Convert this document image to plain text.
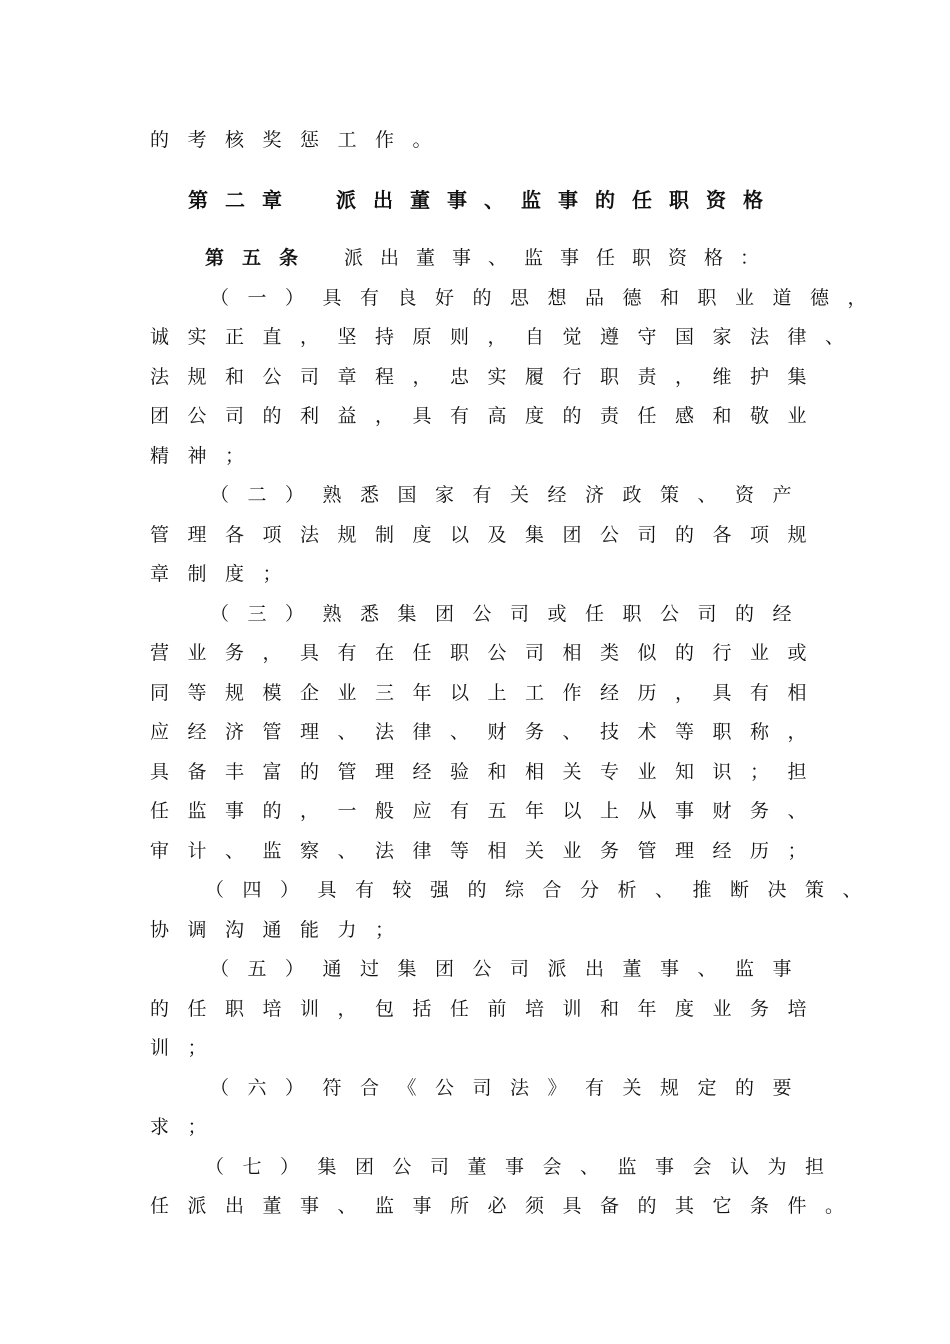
的考核奖惩工作。
第二章　派出董事、监事的任职资格
第五条 派出董事、监事任职资格：
（一）具有良好的思想品德和职业道德，
诚实正直，坚持原则，自觉遵守国家法律、
法规和公司章程，忠实履行职责，维护集
团公司的利益，具有高度的责任感和敬业
精神；
（二）熟悉国家有关经济政策、资产
管理各项法规制度以及集团公司的各项规
章制度；
（三）熟悉集团公司或任职公司的经
营业务，具有在任职公司相类似的行业或
同等规模企业三年以上工作经历，具有相
应经济管理、法律、财务、技术等职称，
具备丰富的管理经验和相关专业知识；担
任监事的，一般应有五年以上从事财务、
审计、监察、法律等相关业务管理经历；
（四）具有较强的综合分析、推断决策、
协调沟通能力；
（五）通过集团公司派出董事、监事
的任职培训，包括任前培训和年度业务培
训；
（六）符合《公司法》有关规定的要
求；
（七）集团公司董事会、监事会认为担
任派出董事、监事所必须具备的其它条件。
